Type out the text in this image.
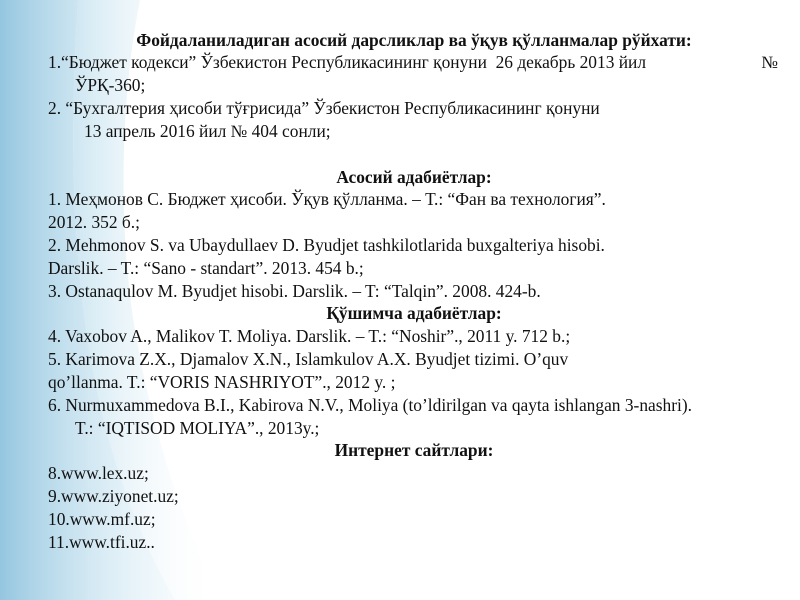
Фойдаланиладиган асосий дарсликлар ва ўқув қўлланмалар рўйхати:
1.“Бюджет кодекси” Ўзбекистон Республикасининг қонуни  26 декабрь 2013 йил	№
ЎРҚ-360;
2. “Бухгалтерия ҳисоби тўғрисида” Ўзбекистон Республикасининг қонуни
13 апрель 2016 йил № 404 сонли;
Асосий адабиётлар:
1. Меҳмонов С. Бюджет ҳисоби. Ўқув қўлланма. – Т.: “Фан ва технология”.
2012. 352 б.;
2. Mehmonov S. va Ubaydullaev D. Byudjet tashkilotlarida buxgalteriya hisobi.
Darslik. – T.: “Sano - standart”. 2013. 454 b.;
3. Ostanaqulov M. Byudjet hisobi. Darslik. – T: “Talqin”. 2008. 424-b.
Қўшимча адабиётлар:
4. Vaxobov A., Malikov T. Moliya. Darslik. – T.: “Noshir”., 2011 y. 712 b.;
5. Karimova Z.X., Djamalov X.N., Islamkulov A.X. Byudjet tizimi. O’quv
qo’llanma. T.: “VORIS NASHRIYOT”., 2012 y. ;
6. Nurmuxammedova B.I., Kabirova N.V., Moliya (to’ldirilgan va qayta ishlangan 3-nashri).
T.: “IQTISOD MOLIYA”., 2013y.;
Интернет сайтлари:
8.www.lex.uz;
9.www.ziyonet.uz;
10.www.mf.uz;
11.www.tfi.uz..
